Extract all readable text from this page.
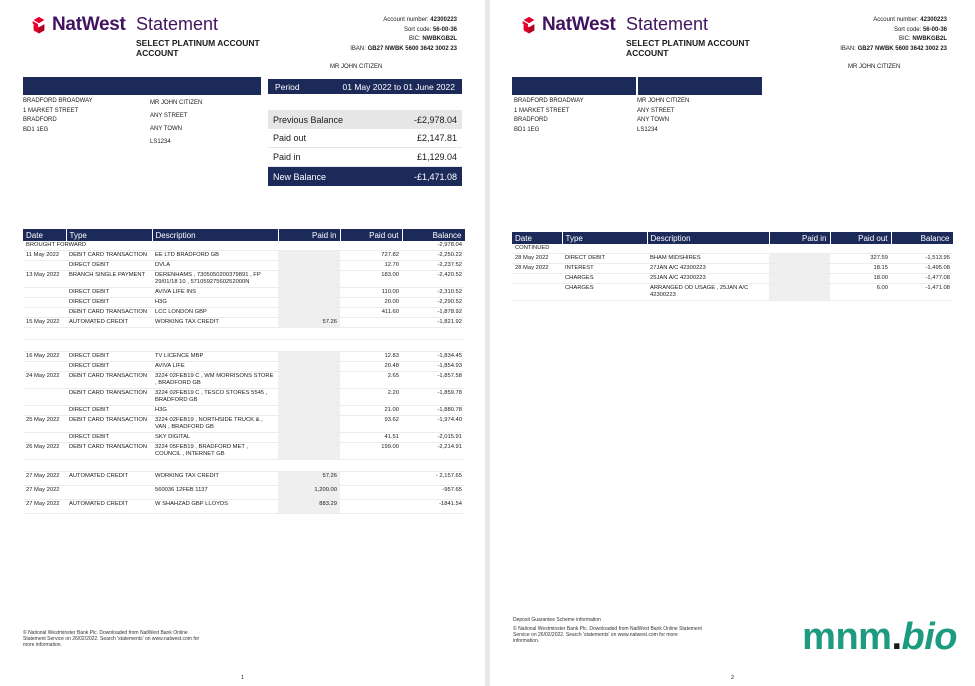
NatWest Statement
SELECT PLATINUM ACCOUNT ACCOUNT
Account number: 42300223
Sort code: 56-00-36
BIC: NWBKGB2L
IBAN: GB27 NWBK 5600 3642 3002 23
MR JOHN CITIZEN
BRADFORD BROADWAY
1 MARKET STREET
BRADFORD
BD1 1EG
MR JOHN CITIZEN
ANY STREET
ANY TOWN
LS1234
Period	01 May 2022 to 01 June 2022
Previous Balance	-£2,978.04
Paid out	£2,147.81
Paid in	£1,129.04
New Balance	-£1,471.08
Date	Type	Description	Paid in	Paid out	Balance
BROUGHT FORWARD					-2,978.04
11 May 2022	DEBIT CARD TRANSACTION	EE LTD BRADFORD GB		727.82	-2,250.22
	DIRECT DEBIT	DVLA		12.70	-2,237.52
13 May 2022	BRANCH SINGLE PAYMENT	DERENHAMS , 7305050200379891 , FP 29/01/18 10 , 57105927560252000N		183.00	-2,420.52
	DIRECT DEBIT	AVIVA LIFE INS		110.00	-2,310.52
	DIRECT DEBIT	H3G		20.00	-2,290.52
	DEBIT CARD TRANSACTION	LCC LONDON GBP		411.60	-1,878.92
15 May 2022	AUTOMATED CREDIT	WORKING TAX CREDIT	57.26		-1,821.92

16 May 2022	DIRECT DEBIT	TV LICENCE MBP		12.83	-1,834.45
	DIRECT DEBIT	AVIVA LIFE		20.48	-1,854.93
24 May 2022	DEBIT CARD TRANSACTION	3224 02FEB19 C , WM MORRISONS STORE , BRADFORD GB		2.65	-1,857.58
	DEBIT CARD TRANSACTION	3224 02FEB19 C , TESCO STORES 5545 , BRADFORD GB		2.20	-1,859.78
	DIRECT DEBIT	H3G		21.00	-1,880.78
25 May 2022	DEBIT CARD TRANSACTION	3224 02FEB19 , NORTHSIDE TRUCK & , VAN , BRADFORD GB		93.62	-1,974.40
	DIRECT DEBIT	SKY DIGITAL		41.51	-2,015.91
26 May 2022	DEBIT CARD TRANSACTION	3224 05FEB19 , BRADFORD MET , COUNCIL , INTERNET GB		199.00	-2,214.91

27 May 2022	AUTOMATED CREDIT	WORKING TAX CREDIT	57.26		- 2,157.65
27 May 2022		560036 12FEB 1137	1,200.00		-957.65
27 May 2022	AUTOMATED CREDIT	W SHAHZAD GBP LLOYDS	883.29		-1841.54
© National Westminster Bank Plc. Downloaded from NatWest Bank Online Statement Service on 26/02/2022. Search 'statements' on www.natwest.com for more information.
1
NatWest Statement
SELECT PLATINUM ACCOUNT ACCOUNT
Account number: 42300223
Sort code: 56-00-36
BIC: NWBKGB2L
IBAN: GB27 NWBK 5600 3642 3002 23
MR JOHN CITIZEN
BRADFORD BROADWAY
1 MARKET STREET
BRADFORD
BD1 1EG
MR JOHN CITIZEN
ANY STREET
ANY TOWN
LS1234
Date	Type	Description	Paid in	Paid out	Balance
CONTINUED					
28 May 2022	DIRECT DEBIT	BHAM MIDSHIRES		327.59	-1,513.95
28 May 2022	INTEREST	27JAN A/C 42300223		18.15	-1,495.08
	CHARGES	25JAN A/C 42300223		18.00	-1,477.08
	CHARGES	ARRANGED OD USAGE , 25JAN A/C 42300223		6.00	-1,471.08
Deposit Guarantee Scheme information
© National Westminster Bank Plc. Downloaded from NatWest Bank Online Statement Service on 26/02/2022. Search 'statements' on www.natwest.com for more information.
2
mnm.bio
